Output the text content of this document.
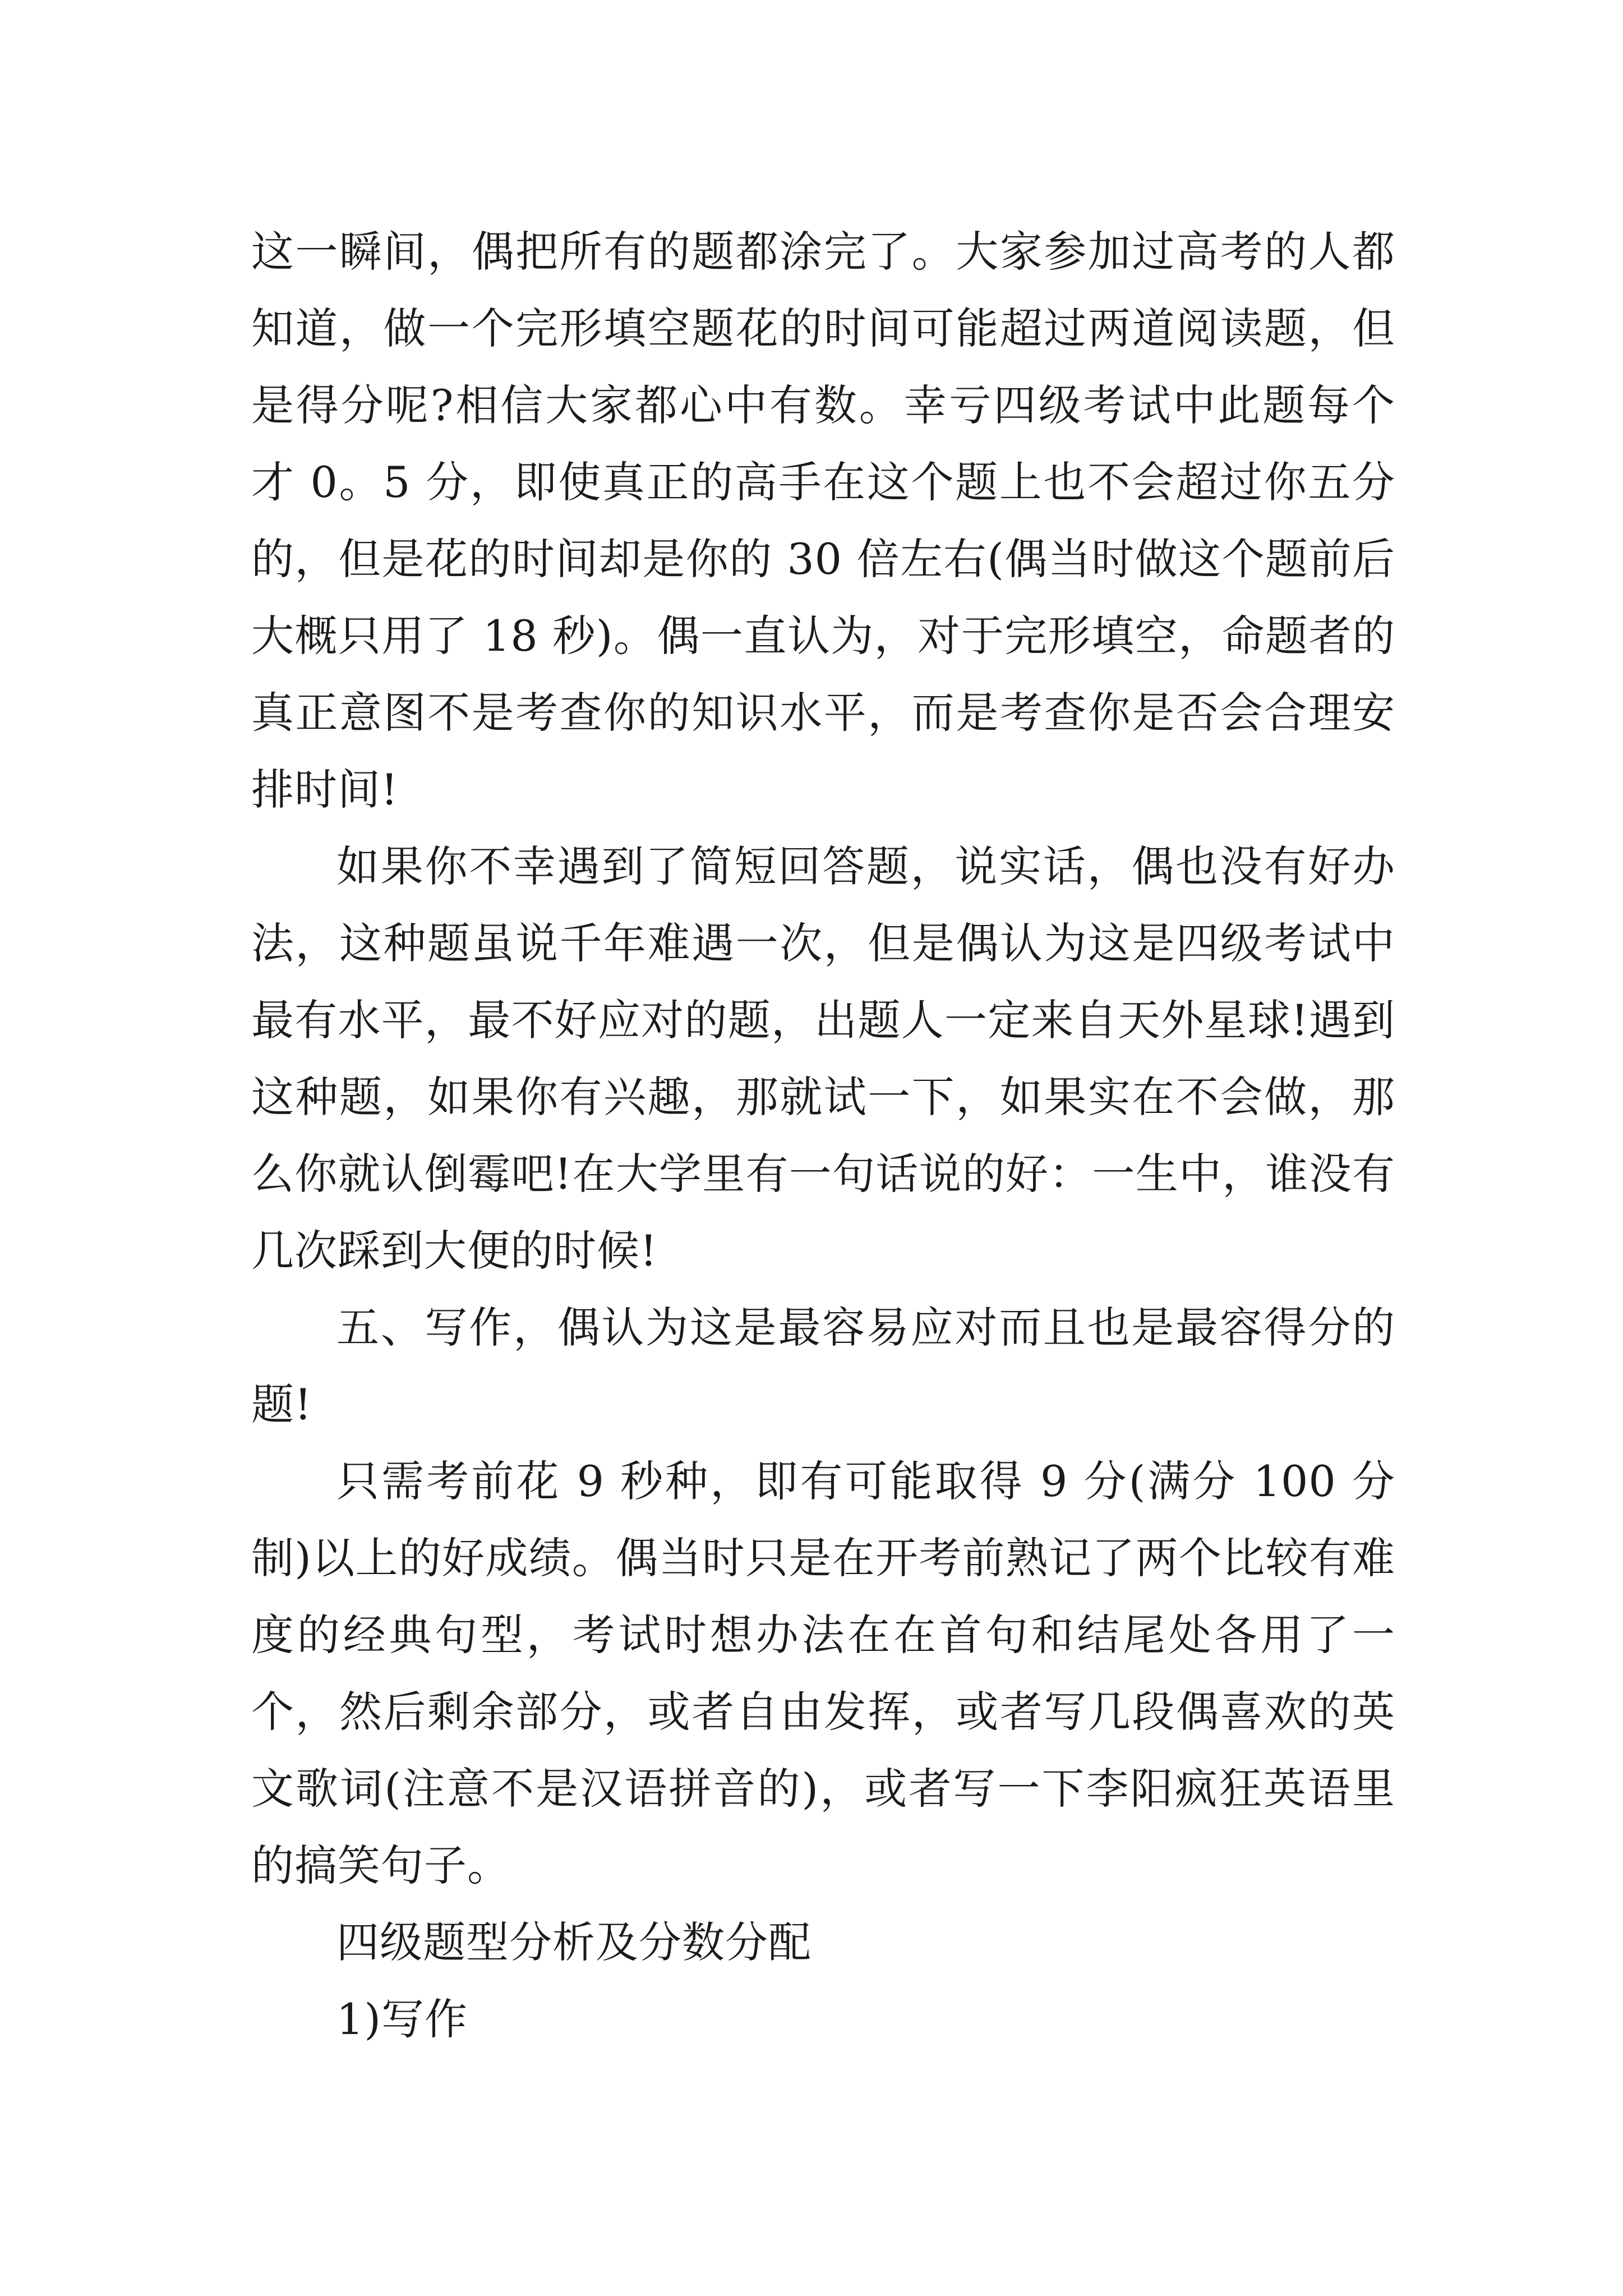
这一瞬间，偶把所有的题都涂完了。大家参加过高考的人都知道，做一个完形填空题花的时间可能超过两道阅读题，但是得分呢?相信大家都心中有数。幸亏四级考试中此题每个才 0。5 分，即使真正的高手在这个题上也不会超过你五分的，但是花的时间却是你的 30 倍左右(偶当时做这个题前后大概只用了 18 秒)。偶一直认为，对于完形填空，命题者的真正意图不是考查你的知识水平，而是考查你是否会合理安排时间!

如果你不幸遇到了简短回答题，说实话，偶也没有好办法，这种题虽说千年难遇一次，但是偶认为这是四级考试中最有水平，最不好应对的题，出题人一定来自天外星球!遇到这种题，如果你有兴趣，那就试一下，如果实在不会做，那么你就认倒霉吧!在大学里有一句话说的好：一生中，谁没有几次踩到大便的时候!

五、写作，偶认为这是最容易应对而且也是最容得分的题!

只需考前花 9 秒种，即有可能取得 9 分(满分 100 分制)以上的好成绩。偶当时只是在开考前熟记了两个比较有难度的经典句型，考试时想办法在在首句和结尾处各用了一个，然后剩余部分，或者自由发挥，或者写几段偶喜欢的英文歌词(注意不是汉语拼音的)，或者写一下李阳疯狂英语里的搞笑句子。

四级题型分析及分数分配

1)写作
